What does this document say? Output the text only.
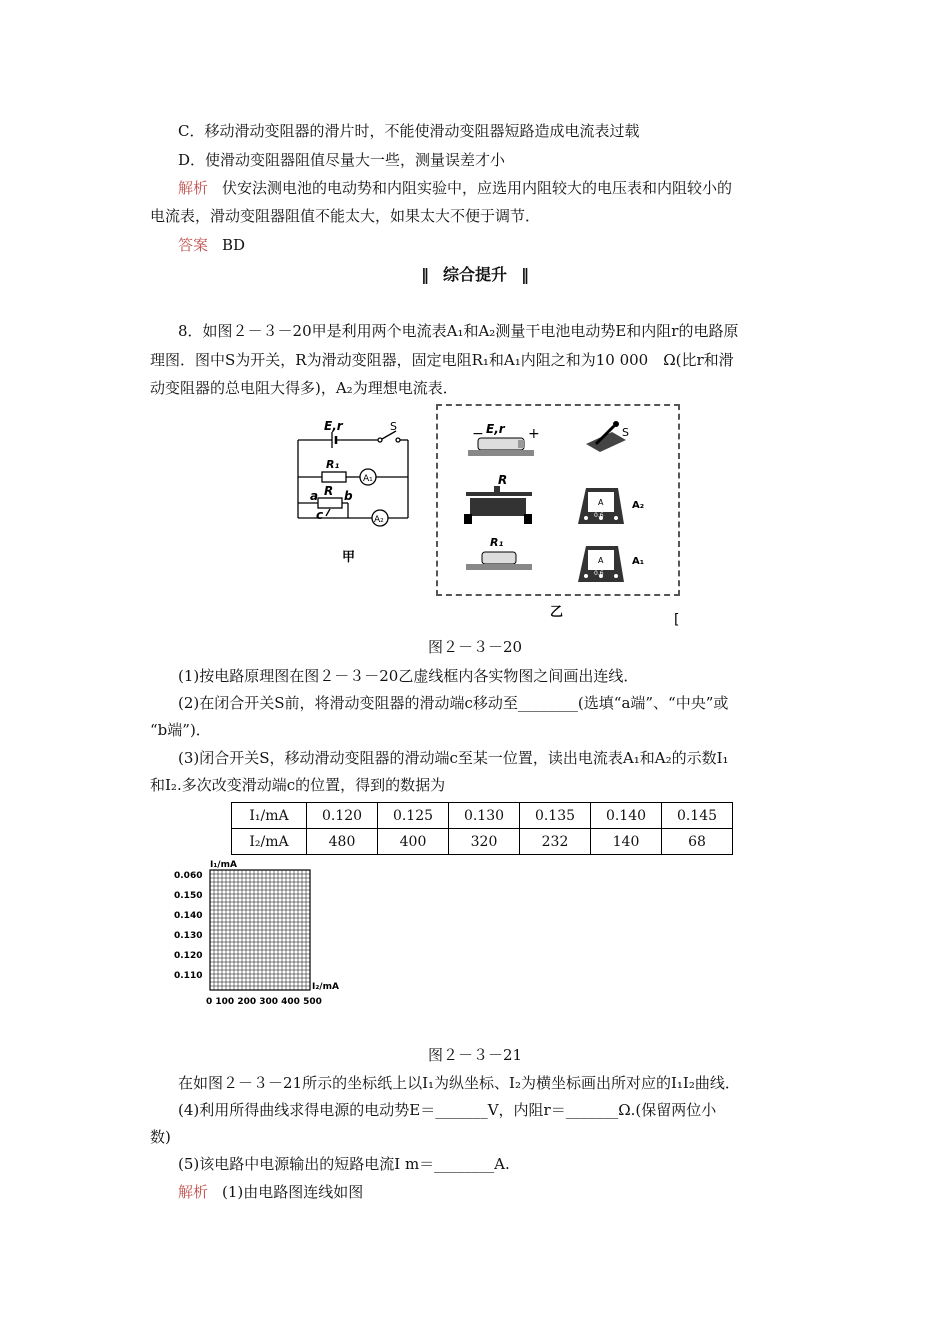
C．移动滑动变阻器的滑片时，不能使滑动变阻器短路造成电流表过载
D．使滑动变阻器阻值尽量大一些，测量误差才小
解析 伏安法测电池的电动势和内阻实验中，应选用内阻较大的电压表和内阻较小的
电流表，滑动变阻器阻值不能太大，如果太大不便于调节．
答案 BD
‖ 综合提升 ‖
8．如图２－３－20甲是利用两个电流表A₁和A₂测量干电池电动势E和内阻r的电路原
理图．图中S为开关，R为滑动变阻器，固定电阻R₁和A₁内阻之和为10 000　Ω(比r和滑
动变阻器的总电阻大得多)，A₂为理想电流表．
E,r	S
R₁
A₁
a R b
c	A₂
甲
− E,r +	S
R
A
0.6
A₂
R₁
A
0.6
A₁
乙	[
图２－３－20
(1)按电路原理图在图２－３－20乙虚线框内各实物图之间画出连线．
(2)在闭合开关S前，将滑动变阻器的滑动端c移动至________(选填“a端”、“中央”或
“b端”)．
(3)闭合开关S，移动滑动变阻器的滑动端c至某一位置，读出电流表A₁和A₂的示数I₁
和I₂.多次改变滑动端c的位置，得到的数据为
I₁/mA	0.120	0.125	0.130	0.135	0.140	0.145
I₂/mA	480	400	320	232	140	68
I₁/mA
I₂/mA
0.060
0.150
0.140
0.130
0.120
0.110
0 100 200 300 400 500
图２－３－21
在如图２－３－21所示的坐标纸上以I₁为纵坐标、I₂为横坐标画出所对应的I₁I₂曲线．
(4)利用所得曲线求得电源的电动势E＝_______V，内阻r＝_______Ω.(保留两位小
数)
(5)该电路中电源输出的短路电流I m＝________A.
解析 (1)由电路图连线如图
